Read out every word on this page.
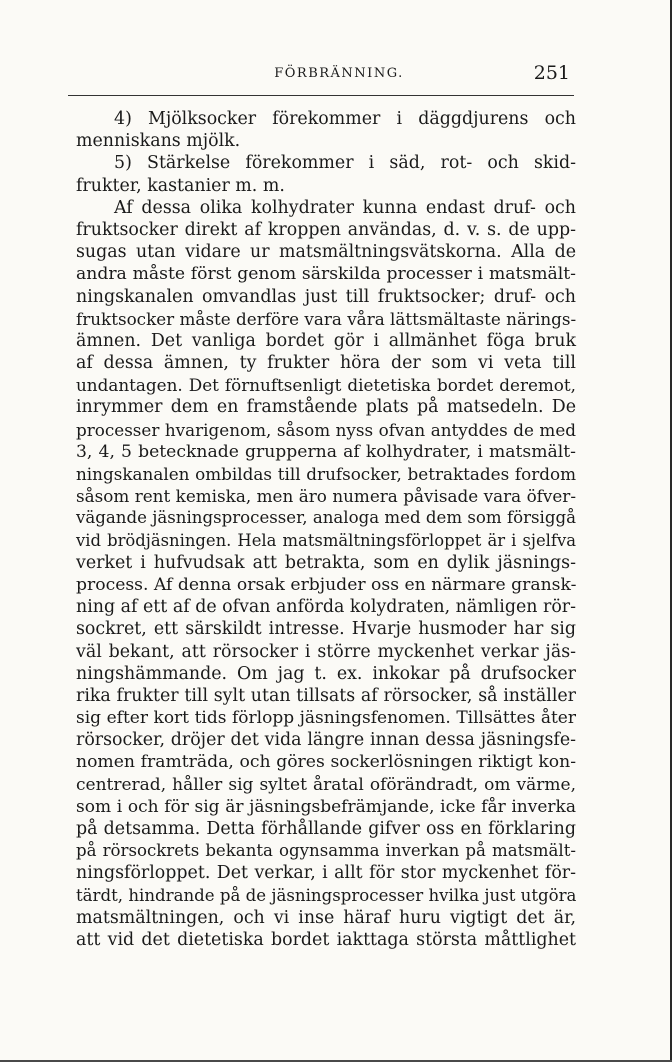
FÖRBRÄNNING.	251
4) Mjölksocker förekommer i däggdjurens och
menniskans mjölk.
5) Stärkelse förekommer i säd, rot- och skid-
frukter, kastanier m. m.
Af dessa olika kolhydrater kunna endast druf- och
fruktsocker direkt af kroppen användas, d. v. s. de upp-
sugas utan vidare ur matsmältningsvätskorna. Alla de
andra måste först genom särskilda processer i matsmält-
ningskanalen omvandlas just till fruktsocker; druf- och
fruktsocker måste derföre vara våra lättsmältaste närings-
ämnen. Det vanliga bordet gör i allmänhet föga bruk
af dessa ämnen, ty frukter höra der som vi veta till
undantagen. Det förnuftsenligt dietetiska bordet deremot,
inrymmer dem en framstående plats på matsedeln. De
processer hvarigenom, såsom nyss ofvan antyddes de med
3, 4, 5 betecknade grupperna af kolhydrater, i matsmält-
ningskanalen ombildas till drufsocker, betraktades fordom
såsom rent kemiska, men äro numera påvisade vara öfver-
vägande jäsningsprocesser, analoga med dem som försiggå
vid brödjäsningen. Hela matsmältningsförloppet är i sjelfva
verket i hufvudsak att betrakta, som en dylik jäsnings-
process. Af denna orsak erbjuder oss en närmare gransk-
ning af ett af de ofvan anförda kolydraten, nämligen rör-
sockret, ett särskildt intresse. Hvarje husmoder har sig
väl bekant, att rörsocker i större myckenhet verkar jäs-
ningshämmande. Om jag t. ex. inkokar på drufsocker
rika frukter till sylt utan tillsats af rörsocker, så inställer
sig efter kort tids förlopp jäsningsfenomen. Tillsättes åter
rörsocker, dröjer det vida längre innan dessa jäsningsfe-
nomen framträda, och göres sockerlösningen riktigt kon-
centrerad, håller sig syltet åratal oförändradt, om värme,
som i och för sig är jäsningsbefrämjande, icke får inverka
på detsamma. Detta förhållande gifver oss en förklaring
på rörsockrets bekanta ogynsamma inverkan på matsmält-
ningsförloppet. Det verkar, i allt för stor myckenhet för-
tärdt, hindrande på de jäsningsprocesser hvilka just utgöra
matsmältningen, och vi inse häraf huru vigtigt det är,
att vid det dietetiska bordet iakttaga största måttlighet
